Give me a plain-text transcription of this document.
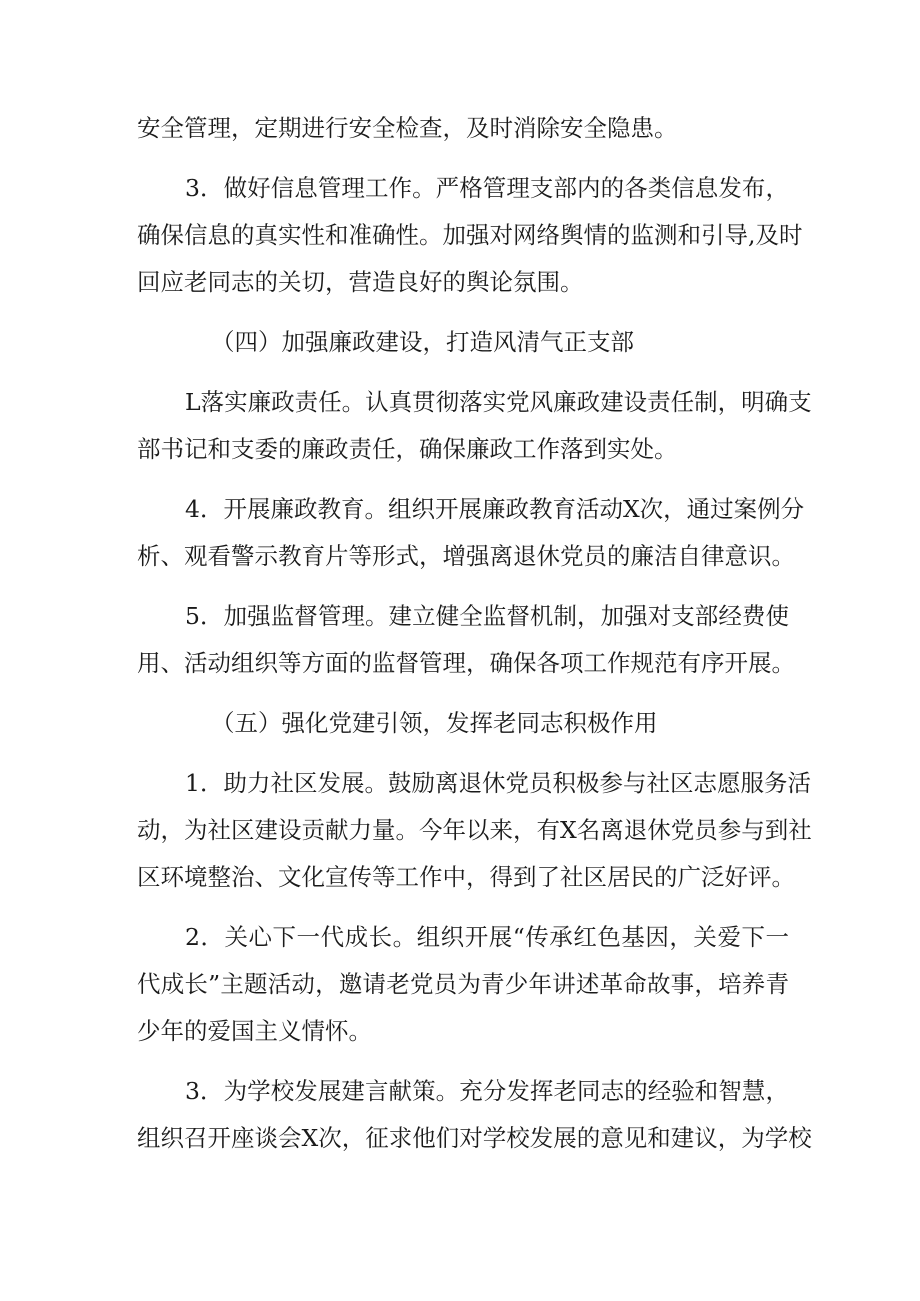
安全管理，定期进行安全检查，及时消除安全隐患。
3．做好信息管理工作。严格管理支部内的各类信息发布，
确保信息的真实性和准确性。加强对网络舆情的监测和引导,及时
回应老同志的关切，营造良好的舆论氛围。
（四）加强廉政建设，打造风清气正支部
L落实廉政责任。认真贯彻落实党风廉政建设责任制，明确支
部书记和支委的廉政责任，确保廉政工作落到实处。
4．开展廉政教育。组织开展廉政教育活动X次，通过案例分
析、观看警示教育片等形式，增强离退休党员的廉洁自律意识。
5．加强监督管理。建立健全监督机制，加强对支部经费使
用、活动组织等方面的监督管理，确保各项工作规范有序开展。
（五）强化党建引领，发挥老同志积极作用
1．助力社区发展。鼓励离退休党员积极参与社区志愿服务活
动，为社区建设贡献力量。今年以来，有X名离退休党员参与到社
区环境整治、文化宣传等工作中，得到了社区居民的广泛好评。
2．关心下一代成长。组织开展“传承红色基因，关爱下一
代成长”主题活动，邀请老党员为青少年讲述革命故事，培养青
少年的爱国主义情怀。
3．为学校发展建言献策。充分发挥老同志的经验和智慧，
组织召开座谈会X次，征求他们对学校发展的意见和建议，为学校
